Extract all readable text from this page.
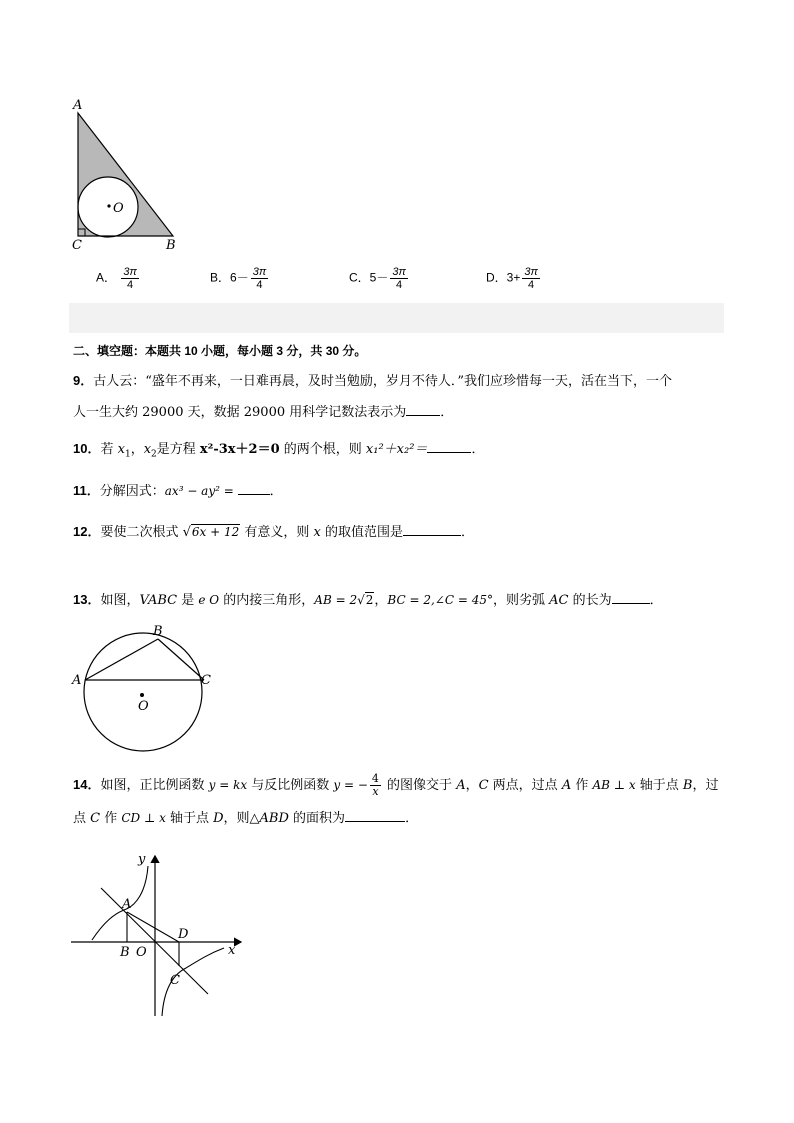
A
C	B
O
A． $\frac{3\pi}{4}$	B．$6- \frac{3\pi}{4}$	C．$5- \frac{3\pi}{4}$	D．$3+ \frac{3\pi}{4}$
二、填空题：本题共 10 小题，每小题 3 分，共 30 分。
9．古人云：“盛年不再来，一日难再晨，及时当勉励，岁月不待人．”我们应珍惜每一天，活在当下，一个
人一生大约 29000 天，数据 29000 用科学记数法表示为	．
10．若 $x_1$，$x_2$是方程 x²-3x＋2＝0 的两个根，则 x₁²＋x₂²＝	．
11．分解因式：ax³ − ay² = ．
12．要使二次根式 √6x + 12 有意义，则 x 的取值范围是	．
13．如图，VABC 是 e O 的内接三角形，AB = 2√2，BC = 2,∠C = 45°，则劣弧 AC 的长为	．
A
B
C
O
14．如图，正比例函数 y = kx 与反比例函数 y = − $\frac{4}{x}$ 的图像交于 A，C 两点，过点 A 作 AB ⊥ x 轴于点 B，过
点 C 作 CD ⊥ x 轴于点 D，则△ABD 的面积为	．
y
x
A
B O
D
C
